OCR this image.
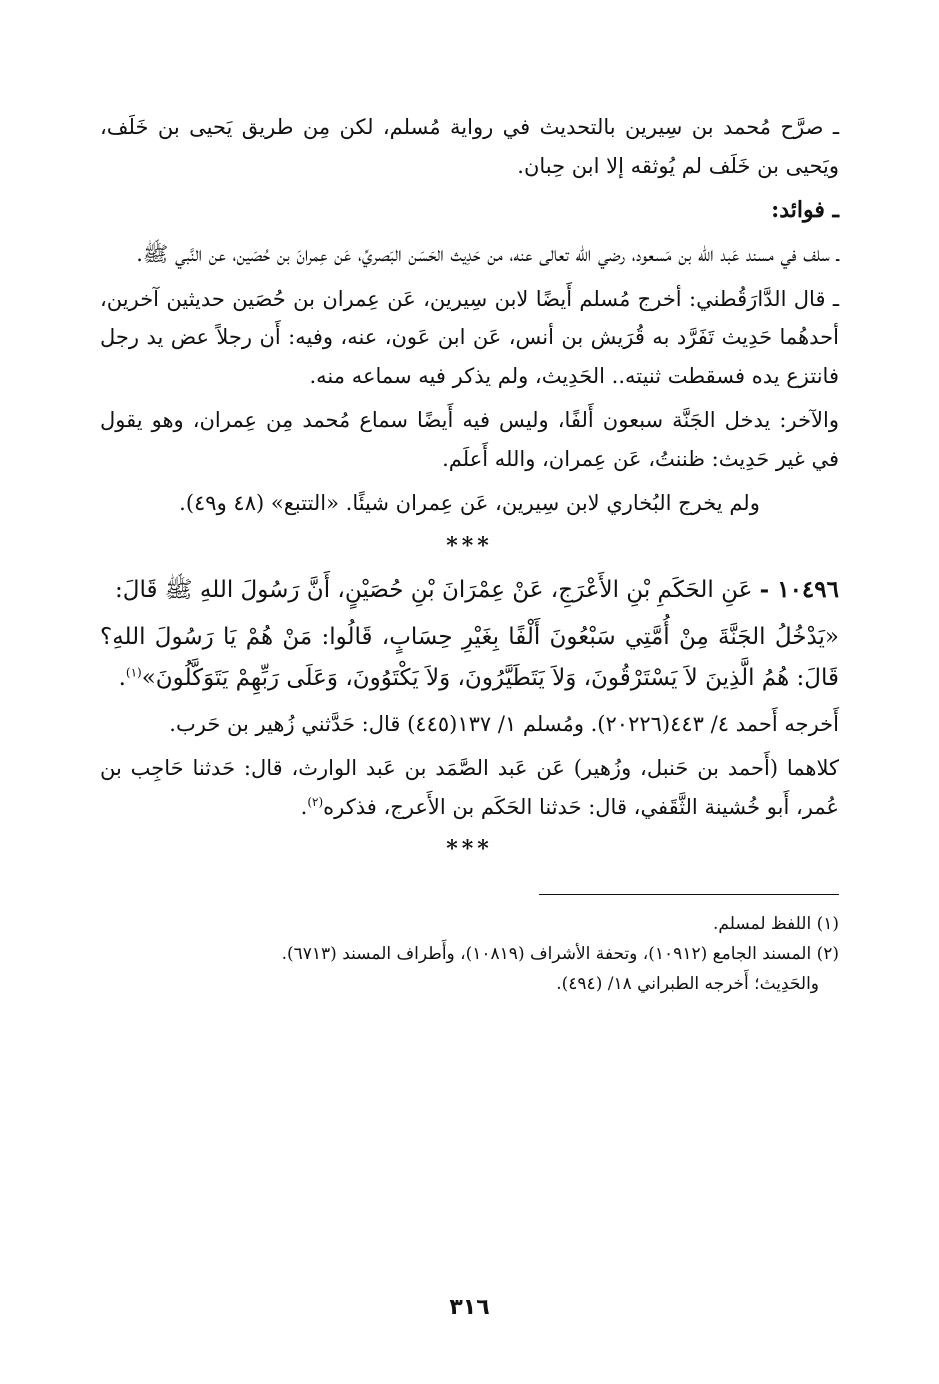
ـ صرَّح مُحمد بن سِيرين بالتحديث في رواية مُسلم، لكن مِن طريق يَحيى بن خَلَف، ويَحيى بن خَلَف لم يُوثقه إلا ابن حِبان.

ـ فوائد:

ـ سلف في مسند عَبد الله بن مَسعود، رضي الله تعالى عنه، من حَدِيث الحَسَن البَصريِّ، عَن عِمرانَ بن حُصَين، عن النَّبي ﷺ.

ـ قال الدَّارَقُطني: أخرج مُسلم أَيضًا لابن سِيرين، عَن عِمران بن حُصَين حديثين آخرين، أحدهُما حَدِيث تَفَرَّد به قُرَيش بن أنس، عَن ابن عَون، عنه، وفيه: أَن رجلاً عض يد رجل فانتزع يده فسقطت ثنيته.. الحَدِيث، ولم يذكر فيه سماعه منه.

والآخر: يدخل الجَنَّة سبعون أَلفًا، وليس فيه أَيضًا سماع مُحمد مِن عِمران، وهو يقول في غير حَدِيث: ظننتُ، عَن عِمران، والله أَعلَم.

ولم يخرج البُخاري لابن سِيرين، عَن عِمران شيئًا. «التتبع» (٤٨ و٤٩).

***

١٠٤٩٦ - عَنِ الحَكَمِ بْنِ الأَعْرَجِ، عَنْ عِمْرَانَ بْنِ حُصَيْنٍ، أَنَّ رَسُولَ اللهِ ﷺ قَالَ:

«يَدْخُلُ الجَنَّةَ مِنْ أُمَّتِي سَبْعُونَ أَلْفًا بِغَيْرِ حِسَابٍ، قَالُوا: مَنْ هُمْ يَا رَسُولَ اللهِ؟ قَالَ: هُمُ الَّذِينَ لاَ يَسْتَرْقُونَ، وَلاَ يَتَطَيَّرُونَ، وَلاَ يَكْتَوُونَ، وَعَلَى رَبِّهِمْ يَتَوَكَّلُونَ»$^{(١)}$.

أَخرجه أَحمد ٤/ ٤٤٣(٢٠٢٢٦). ومُسلم ١/ ١٣٧(٤٤٥) قال: حَدَّثني زُهير بن حَرب.

كلاهما (أَحمد بن حَنبل، وزُهير) عَن عَبد الصَّمَد بن عَبد الوارث، قال: حَدثنا حَاجِب بن عُمر، أَبو خُشينة الثَّقَفي، قال: حَدثنا الحَكَم بن الأَعرج، فذكره$^{(٢)}$.

***

(١) اللفظ لمسلم.

(٢) المسند الجامع (١٠٩١٢)، وتحفة الأشراف (١٠٨١٩)، وأَطراف المسند (٦٧١٣).

والحَدِيث؛ أَخرجه الطبراني ١٨/ (٤٩٤).

٣١٦
